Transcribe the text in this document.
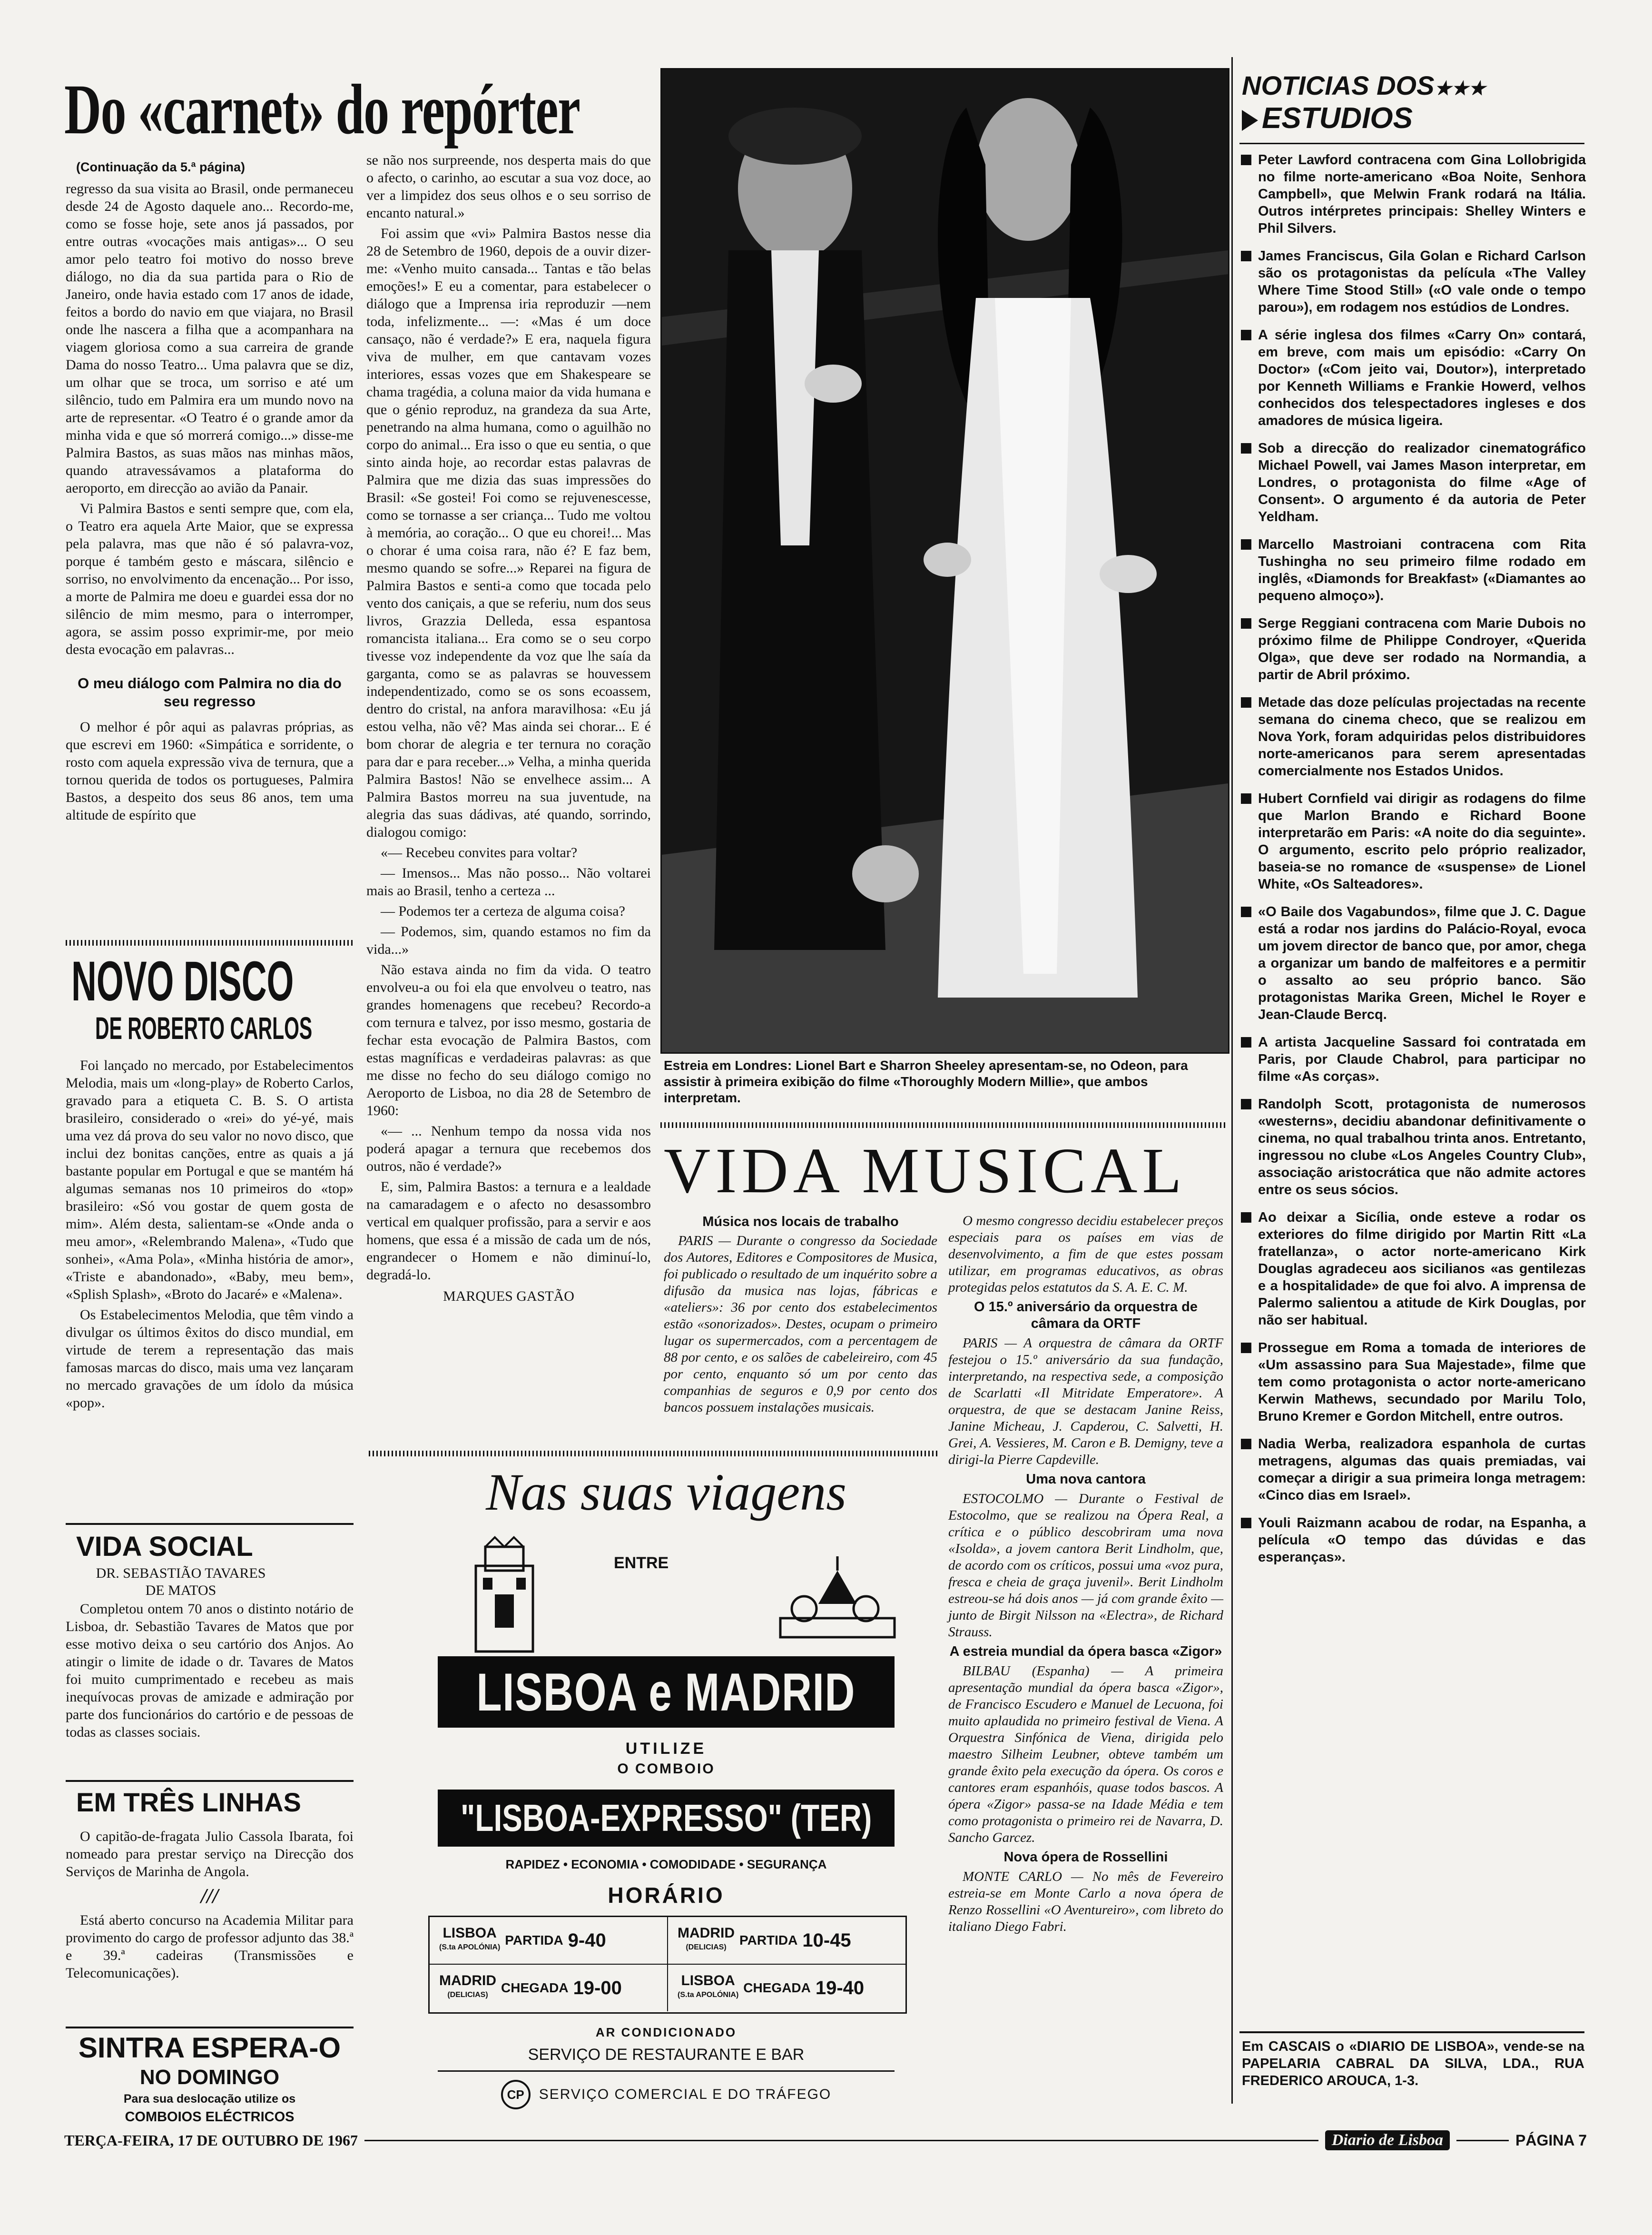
Do «carnet» do repórter
(Continuação da 5.ª página)

regresso da sua visita ao Brasil, onde permaneceu desde 24 de Agosto daquele ano... Recordo-me, como se fosse hoje, sete anos já passados, por entre outras «vocações mais antigas»... O seu amor pelo teatro foi motivo do nosso breve diálogo, no dia da sua partida para o Rio de Janeiro, onde havia estado com 17 anos de idade, feitos a bordo do navio em que viajara, no Brasil onde lhe nascera a filha que a acompanhara na viagem gloriosa como a sua carreira de grande Dama do nosso Teatro... Uma palavra que se diz, um olhar que se troca, um sorriso e até um silêncio, tudo em Palmira era um mundo novo na arte de representar. «O Teatro é o grande amor da minha vida e que só morrerá comigo...» disse-me Palmira Bastos, as suas mãos nas minhas mãos, quando atravessávamos a plataforma do aeroporto, em direcção ao avião da Panair.

Vi Palmira Bastos e senti sempre que, com ela, o Teatro era aquela Arte Maior, que se expressa pela palavra, mas que não é só palavra-voz, porque é também gesto e máscara, silêncio e sorriso, no envolvimento da encenação... Por isso, a morte de Palmira me doeu e guardei essa dor no silêncio de mim mesmo, para o interromper, agora, se assim posso exprimir-me, por meio desta evocação em palavras...

O meu diálogo com Palmira no dia do seu regresso

O melhor é pôr aqui as palavras próprias, as que escrevi em 1960: «Simpática e sorridente, o rosto com aquela expressão viva de ternura, que a tornou querida de todos os portugueses, Palmira Bastos, a despeito dos seus 86 anos, tem uma altitude de espírito que

se não nos surpreende, nos desperta mais do que o afecto, o carinho, ao escutar a sua voz doce, ao ver a limpidez dos seus olhos e o seu sorriso de encanto natural.»

Foi assim que «vi» Palmira Bastos nesse dia 28 de Setembro de 1960, depois de a ouvir dizer-me: «Venho muito cansada... Tantas e tão belas emoções!» E eu a comentar, para estabelecer o diálogo que a Imprensa iria reproduzir —nem toda, infelizmente... —: «Mas é um doce cansaço, não é verdade?» E era, naquela figura viva de mulher, em que cantavam vozes interiores, essas vozes que em Shakespeare se chama tragédia, a coluna maior da vida humana e que o génio reproduz, na grandeza da sua Arte, penetrando na alma humana, como o aguilhão no corpo do animal... Era isso o que eu sentia, o que sinto ainda hoje, ao recordar estas palavras de Palmira que me dizia das suas impressões do Brasil: «Se gostei! Foi como se rejuvenescesse, como se tornasse a ser criança... Tudo me voltou à memória, ao coração... O que eu chorei!... Mas o chorar é uma coisa rara, não é? E faz bem, mesmo quando se sofre...» Reparei na figura de Palmira Bastos e senti-a como que tocada pelo vento dos caniçais, a que se referiu, num dos seus livros, Grazzia Delleda, essa espantosa romancista italiana... Era como se o seu corpo tivesse voz independente da voz que lhe saía da garganta, como se as palavras se houvessem independentizado, como se os sons ecoassem, dentro do cristal, na anfora maravilhosa: «Eu já estou velha, não vê? Mas ainda sei chorar... E é bom chorar de alegria e ter ternura no coração para dar e para receber...» Velha, a minha querida Palmira Bastos! Não se envelhece assim... A Palmira Bastos morreu na sua juventude, na alegria das suas dádivas, até quando, sorrindo, dialogou comigo:

«— Recebeu convites para voltar?

— Imensos... Mas não posso... Não voltarei mais ao Brasil, tenho a certeza ...

— Podemos ter a certeza de alguma coisa?

— Podemos, sim, quando estamos no fim da vida...»

Não estava ainda no fim da vida. O teatro envolveu-a ou foi ela que envolveu o teatro, nas grandes homenagens que recebeu? Recordo-a com ternura e talvez, por isso mesmo, gostaria de fechar esta evocação de Palmira Bastos, com estas magníficas e verdadeiras palavras: as que me disse no fecho do seu diálogo comigo no Aeroporto de Lisboa, no dia 28 de Setembro de 1960:

«— ... Nenhum tempo da nossa vida nos poderá apagar a ternura que recebemos dos outros, não é verdade?»

E, sim, Palmira Bastos: a ternura e a lealdade na camaradagem e o afecto no desassombro vertical em qualquer profissão, para a servir e aos homens, que essa é a missão de cada um de nós, engrandecer o Homem e não diminuí-lo, degradá-lo.

MARQUES GASTÃO
NOVO DISCO
DE ROBERTO CARLOS

Foi lançado no mercado, por Estabelecimentos Melodia, mais um «long-play» de Roberto Carlos, gravado para a etiqueta C. B. S. O artista brasileiro, considerado o «rei» do yé-yé, mais uma vez dá prova do seu valor no novo disco, que inclui dez bonitas canções, entre as quais a já bastante popular em Portugal e que se mantém há algumas semanas nos 10 primeiros do «top» brasileiro: «Só vou gostar de quem gosta de mim». Além desta, salientam-se «Onde anda o meu amor», «Relembrando Malena», «Tudo que sonhei», «Ama Pola», «Minha história de amor», «Triste e abandonado», «Baby, meu bem», «Splish Splash», «Broto do Jacaré» e «Malena».

Os Estabelecimentos Melodia, que têm vindo a divulgar os últimos êxitos do disco mundial, em virtude de terem a representação das mais famosas marcas do disco, mais uma vez lançaram no mercado gravações de um ídolo da música «pop».

VIDA SOCIAL
DR. SEBASTIÃO TAVARES DE MATOS

Completou ontem 70 anos o distinto notário de Lisboa, dr. Sebastião Tavares de Matos que por esse motivo deixa o seu cartório dos Anjos. Ao atingir o limite de idade o dr. Tavares de Matos foi muito cumprimentado e recebeu as mais inequívocas provas de amizade e admiração por parte dos funcionários do cartório e de pessoas de todas as classes sociais.

EM TRÊS LINHAS

O capitão-de-fragata Julio Cassola Ibarata, foi nomeado para prestar serviço na Direcção dos Serviços de Marinha de Angola.

///

Está aberto concurso na Academia Militar para provimento do cargo de professor adjunto das 38.ª e 39.ª cadeiras (Transmissões e Telecomunicações).

SINTRA ESPERA-O
NO DOMINGO
Para sua deslocação utilize os
COMBOIOS ELÉCTRICOS
Estreia em Londres: Lionel Bart e Sharron Sheeley apresentam-se, no Odeon, para assistir à primeira exibição do filme «Thoroughly Modern Millie», que ambos interpretam.
VIDA MUSICAL
Música nos locais de trabalho

PARIS — Durante o congresso da Sociedade dos Autores, Editores e Compositores de Musica, foi publicado o resultado de um inquérito sobre a difusão da musica nas lojas, fábricas e «ateliers»: 36 por cento dos estabelecimentos estão «sonorizados». Destes, ocupam o primeiro lugar os supermercados, com a percentagem de 88 por cento, e os salões de cabeleireiro, com 45 por cento, enquanto só um por cento das companhias de seguros e 0,9 por cento dos bancos possuem instalações musicais.

O mesmo congresso decidiu estabelecer preços especiais para os países em vias de desenvolvimento, a fim de que estes possam utilizar, em programas educativos, as obras protegidas pelos estatutos da S. A. E. C. M.

O 15.º aniversário da orquestra de câmara da ORTF

PARIS — A orquestra de câmara da ORTF festejou o 15.º aniversário da sua fundação, interpretando, na respectiva sede, a composição de Scarlatti «Il Mitridate Emperatore». A orquestra, de que se destacam Janine Reiss, Janine Micheau, J. Capderou, C. Salvetti, H. Grei, A. Vessieres, M. Caron e B. Demigny, teve a dirigi-la Pierre Capdeville.

Uma nova cantora

ESTOCOLMO — Durante o Festival de Estocolmo, que se realizou na Ópera Real, a crítica e o público descobriram uma nova «Isolda», a jovem cantora Berit Lindholm, que, de acordo com os críticos, possui uma «voz pura, fresca e cheia de graça juvenil». Berit Lindholm estreou-se há dois anos — já com grande êxito — junto de Birgit Nilsson na «Electra», de Richard Strauss.

A estreia mundial da ópera basca «Zigor»

BILBAU (Espanha) — A primeira apresentação mundial da ópera basca «Zigor», de Francisco Escudero e Manuel de Lecuona, foi muito aplaudida no primeiro festival de Viena. A Orquestra Sinfónica de Viena, dirigida pelo maestro Silheim Leubner, obteve também um grande êxito pela execução da ópera. Os coros e cantores eram espanhóis, quase todos bascos. A ópera «Zigor» passa-se na Idade Média e tem como protagonista o primeiro rei de Navarra, D. Sancho Garcez.

Nova ópera de Rossellini

MONTE CARLO — No mês de Fevereiro estreia-se em Monte Carlo a nova ópera de Renzo Rossellini «O Aventureiro», com libreto do italiano Diego Fabri.

Nas suas viagens
ENTRE
LISBOA e MADRID
UTILIZE
O COMBOIO
"LISBOA-EXPRESSO" (TER)
RAPIDEZ • ECONOMIA • COMODIDADE • SEGURANÇA
HORÁRIO
LISBOA
(S.ta APOLÓNIA) PARTIDA 9-40	MADRID
(DELICIAS) PARTIDA 10-45
MADRID
(DELICIAS) CHEGADA 19-00	LISBOA
(S.ta APOLÓNIA) CHEGADA 19-40
AR CONDICIONADO
SERVIÇO DE RESTAURANTE E BAR
CP	SERVIÇO COMERCIAL E DO TRÁFEGO
NOTICIAS DOS★★★
ESTUDIOS
Peter Lawford contracena com Gina Lollobrigida no filme norte-americano «Boa Noite, Senhora Campbell», que Melwin Frank rodará na Itália. Outros intérpretes principais: Shelley Winters e Phil Silvers.
James Franciscus, Gila Golan e Richard Carlson são os protagonistas da película «The Valley Where Time Stood Still» («O vale onde o tempo parou»), em rodagem nos estúdios de Londres.
A série inglesa dos filmes «Carry On» contará, em breve, com mais um episódio: «Carry On Doctor» («Com jeito vai, Doutor»), interpretado por Kenneth Williams e Frankie Howerd, velhos conhecidos dos telespectadores ingleses e dos amadores de música ligeira.
Sob a direcção do realizador cinematográfico Michael Powell, vai James Mason interpretar, em Londres, o protagonista do filme «Age of Consent». O argumento é da autoria de Peter Yeldham.
Marcello Mastroiani contracena com Rita Tushingha no seu primeiro filme rodado em inglês, «Diamonds for Breakfast» («Diamantes ao pequeno almoço»).
Serge Reggiani contracena com Marie Dubois no próximo filme de Philippe Condroyer, «Querida Olga», que deve ser rodado na Normandia, a partir de Abril próximo.
Metade das doze películas projectadas na recente semana do cinema checo, que se realizou em Nova York, foram adquiridas pelos distribuidores norte-americanos para serem apresentadas comercialmente nos Estados Unidos.
Hubert Cornfield vai dirigir as rodagens do filme que Marlon Brando e Richard Boone interpretarão em Paris: «A noite do dia seguinte». O argumento, escrito pelo próprio realizador, baseia-se no romance de «suspense» de Lionel White, «Os Salteadores».
«O Baile dos Vagabundos», filme que J. C. Dague está a rodar nos jardins do Palácio-Royal, evoca um jovem director de banco que, por amor, chega a organizar um bando de malfeitores e a permitir o assalto ao seu próprio banco. São protagonistas Marika Green, Michel le Royer e Jean-Claude Bercq.
A artista Jacqueline Sassard foi contratada em Paris, por Claude Chabrol, para participar no filme «As corças».
Randolph Scott, protagonista de numerosos «westerns», decidiu abandonar definitivamente o cinema, no qual trabalhou trinta anos. Entretanto, ingressou no clube «Los Angeles Country Club», associação aristocrática que não admite actores entre os seus sócios.
Ao deixar a Sicília, onde esteve a rodar os exteriores do filme dirigido por Martin Ritt «La fratellanza», o actor norte-americano Kirk Douglas agradeceu aos sicilianos «as gentilezas e a hospitalidade» de que foi alvo. A imprensa de Palermo salientou a atitude de Kirk Douglas, por não ser habitual.
Prossegue em Roma a tomada de interiores de «Um assassino para Sua Majestade», filme que tem como protagonista o actor norte-americano Kerwin Mathews, secundado por Marilu Tolo, Bruno Kremer e Gordon Mitchell, entre outros.
Nadia Werba, realizadora espanhola de curtas metragens, algumas das quais premiadas, vai começar a dirigir a sua primeira longa metragem: «Cinco dias em Israel».
Youli Raizmann acabou de rodar, na Espanha, a película «O tempo das dúvidas e das esperanças».
Em CASCAIS o «DIARIO DE LISBOA», vende-se na PAPELARIA CABRAL DA SILVA, LDA., RUA FREDERICO AROUCA, 1-3.
TERÇA-FEIRA, 17 DE OUTUBRO DE 1967	Diario de Lisboa	PÁGINA 7
